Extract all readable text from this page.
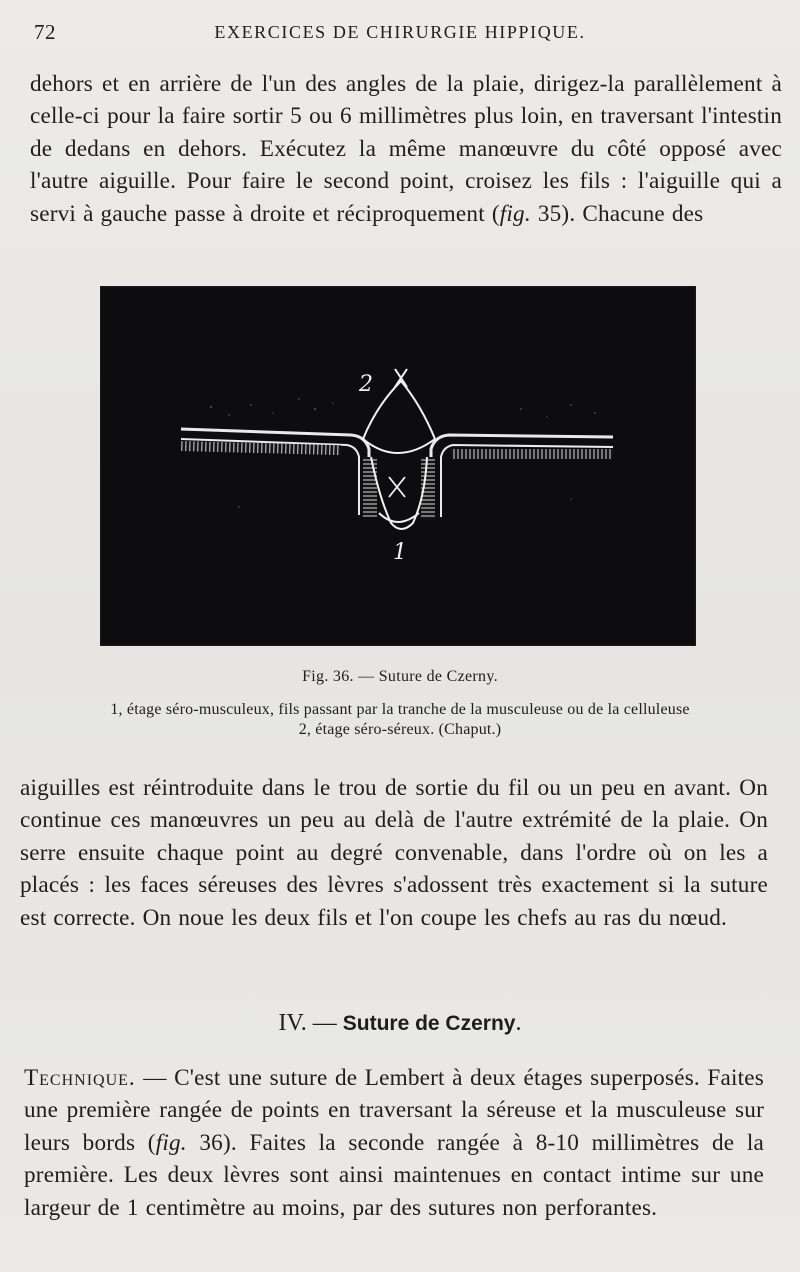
72	EXERCICES DE CHIRURGIE HIPPIQUE.
dehors et en arrière de l'un des angles de la plaie, dirigez-la parallèlement à celle-ci pour la faire sortir 5 ou 6 millimètres plus loin, en traversant l'intestin de dedans en dehors. Exécutez la même manœuvre du côté opposé avec l'autre aiguille. Pour faire le second point, croisez les fils : l'aiguille qui a servi à gauche passe à droite et réciproquement (fig. 35). Chacune des
2
1
Fig. 36. — Suture de Czerny.
1, étage séro-musculeux, fils passant par la tranche de la musculeuse ou de la celluleuse
2, étage séro-séreux. (Chaput.)
aiguilles est réintroduite dans le trou de sortie du fil ou un peu en avant. On continue ces manœuvres un peu au delà de l'autre extrémité de la plaie. On serre ensuite chaque point au degré convenable, dans l'ordre où on les a placés : les faces séreuses des lèvres s'adossent très exactement si la suture est correcte. On noue les deux fils et l'on coupe les chefs au ras du nœud.
IV. — Suture de Czerny.
Technique. — C'est une suture de Lembert à deux étages superposés. Faites une première rangée de points en traversant la séreuse et la musculeuse sur leurs bords (fig. 36). Faites la seconde rangée à 8-10 millimètres de la première. Les deux lèvres sont ainsi maintenues en contact intime sur une largeur de 1 centimètre au moins, par des sutures non perforantes.
